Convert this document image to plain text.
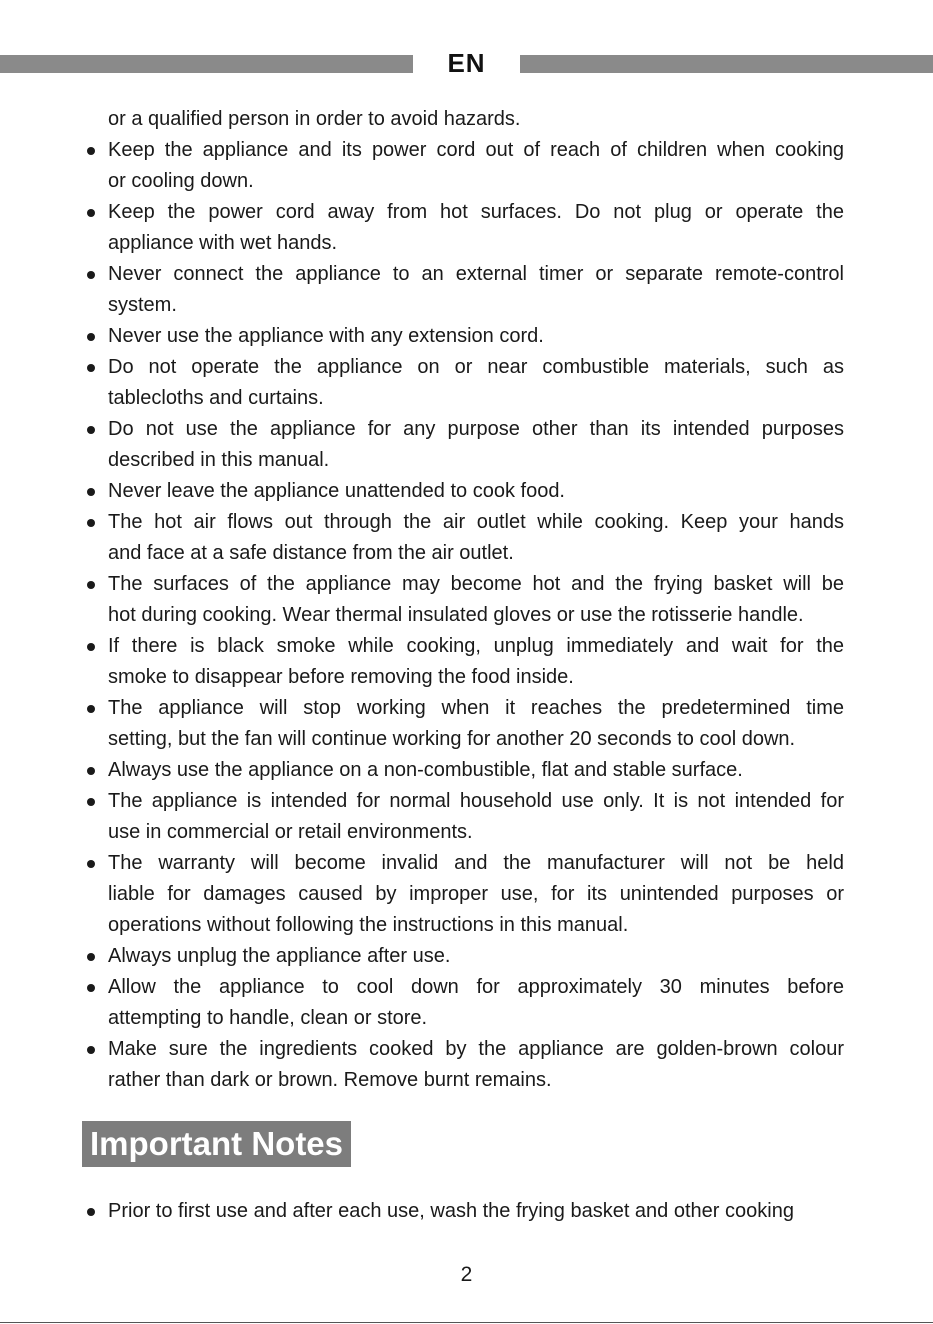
EN
or a qualified person in order to avoid hazards.
Keep the appliance and its power cord out of reach of children when cooking
or cooling down.
Keep the power cord away from hot surfaces. Do not plug or operate the
appliance with wet hands.
Never connect the appliance to an external timer or separate remote-control
system.
Never use the appliance with any extension cord.
Do not operate the appliance on or near combustible materials, such as
tablecloths and curtains.
Do not use the appliance for any purpose other than its intended purposes
described in this manual.
Never leave the appliance unattended to cook food.
The hot air flows out through the air outlet while cooking. Keep your hands
and face at a safe distance from the air outlet.
The surfaces of the appliance may become hot and the frying basket will be
hot during cooking. Wear thermal insulated gloves or use the rotisserie handle.
If there is black smoke while cooking, unplug immediately and wait for the
smoke to disappear before removing the food inside.
The appliance will stop working when it reaches the predetermined time
setting, but the fan will continue working for another 20 seconds to cool down.
Always use the appliance on a non-combustible, flat and stable surface.
The appliance is intended for normal household use only. It is not intended for
use in commercial or retail environments.
The warranty will become invalid and the manufacturer will not be held
liable for damages caused by improper use, for its unintended purposes or
operations without following the instructions in this manual.
Always unplug the appliance after use.
Allow the appliance to cool down for approximately 30 minutes before
attempting to handle, clean or store.
Make sure the ingredients cooked by the appliance are golden-brown colour
rather than dark or brown. Remove burnt remains.
Important Notes
Prior to first use and after each use, wash the frying basket and other cooking
2
